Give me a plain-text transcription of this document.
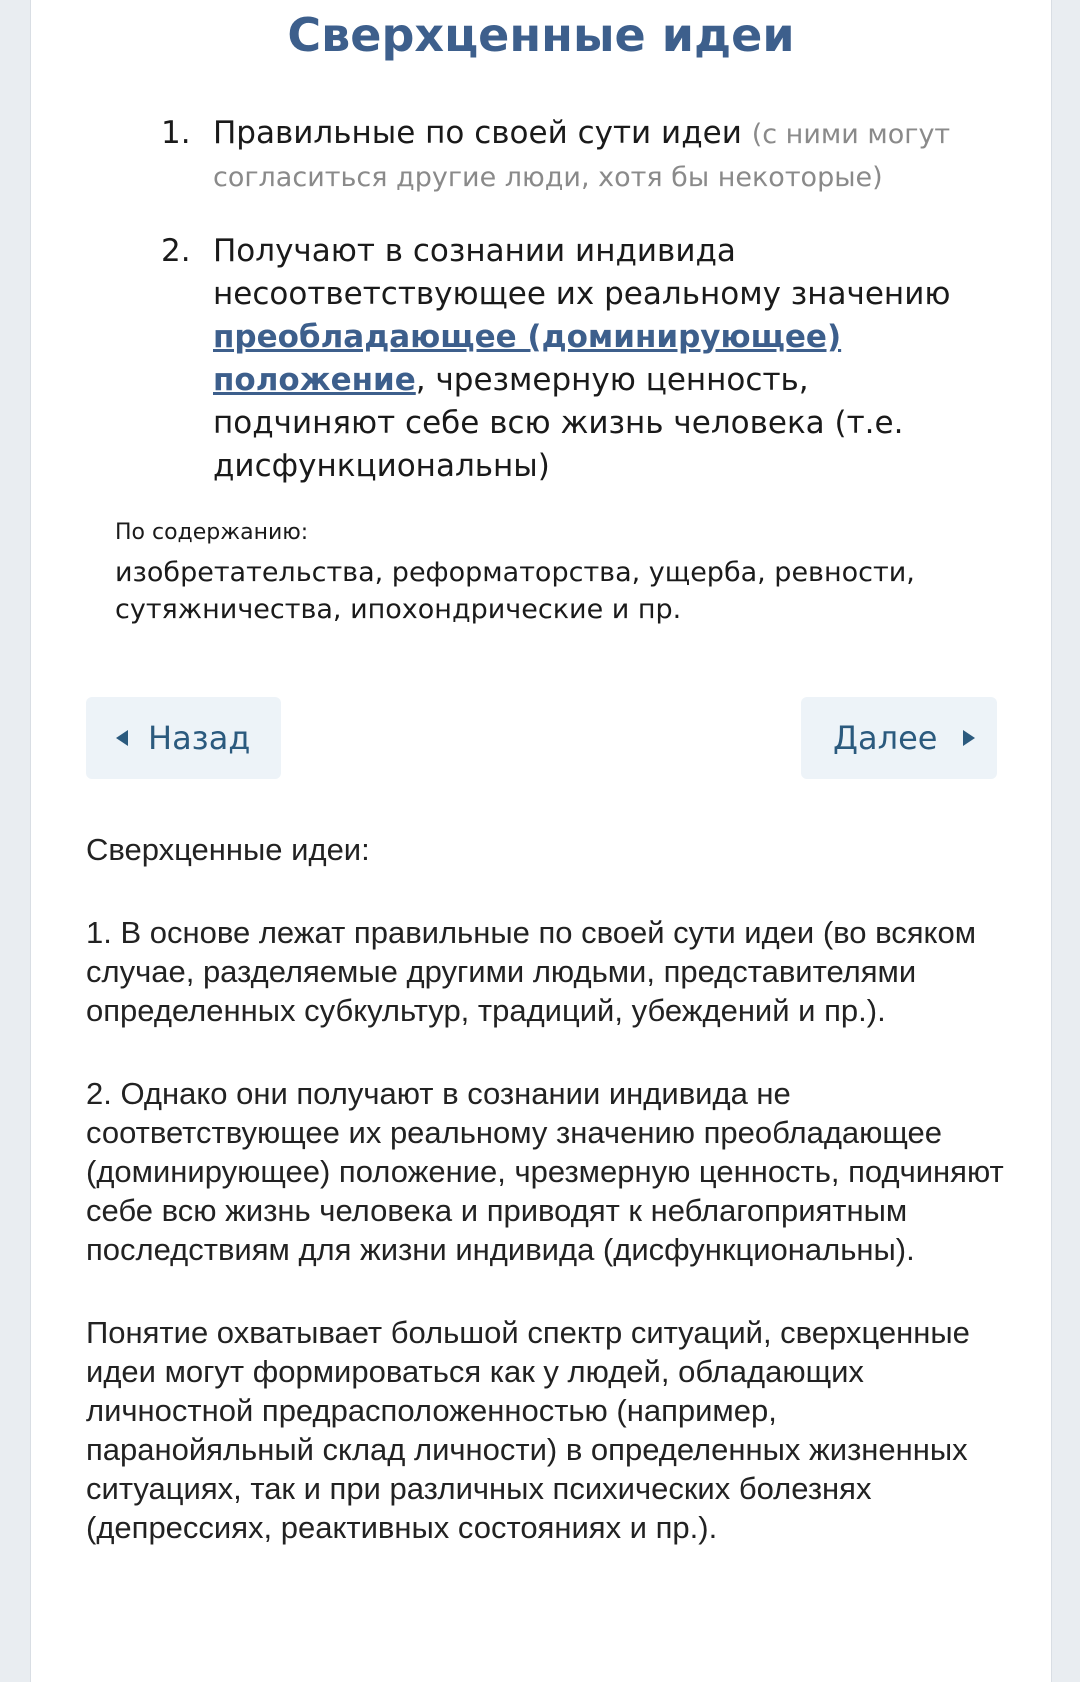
Сверхценные идеи
1. Правильные по своей сути идеи (с ними могут согласиться другие люди, хотя бы некоторые)
2. Получают в сознании индивида несоответствующее их реальному значению преобладающее (доминирующее) положение, чрезмерную ценность, подчиняют себе всю жизнь человека (т.е. дисфункциональны)
По содержанию:
изобретательства, реформаторства, ущерба, ревности, сутяжничества, ипохондрические и пр.
Назад	Далее

Сверхценные идеи:

1. В основе лежат правильные по своей сути идеи (во всяком случае, разделяемые другими людьми, представителями определенных субкультур, традиций, убеждений и пр.).

2. Однако они получают в сознании индивида не соответствующее их реальному значению преобладающее (доминирующее) положение, чрезмерную ценность, подчиняют себе всю жизнь человека и приводят к неблагоприятным последствиям для жизни индивида (дисфункциональны).

Понятие охватывает большой спектр ситуаций, сверхценные идеи могут формироваться как у людей, обладающих личностной предрасположенностью (например, паранойяльный склад личности) в определенных жизненных ситуациях, так и при различных психических болезнях (депрессиях, реактивных состояниях и пр.).
